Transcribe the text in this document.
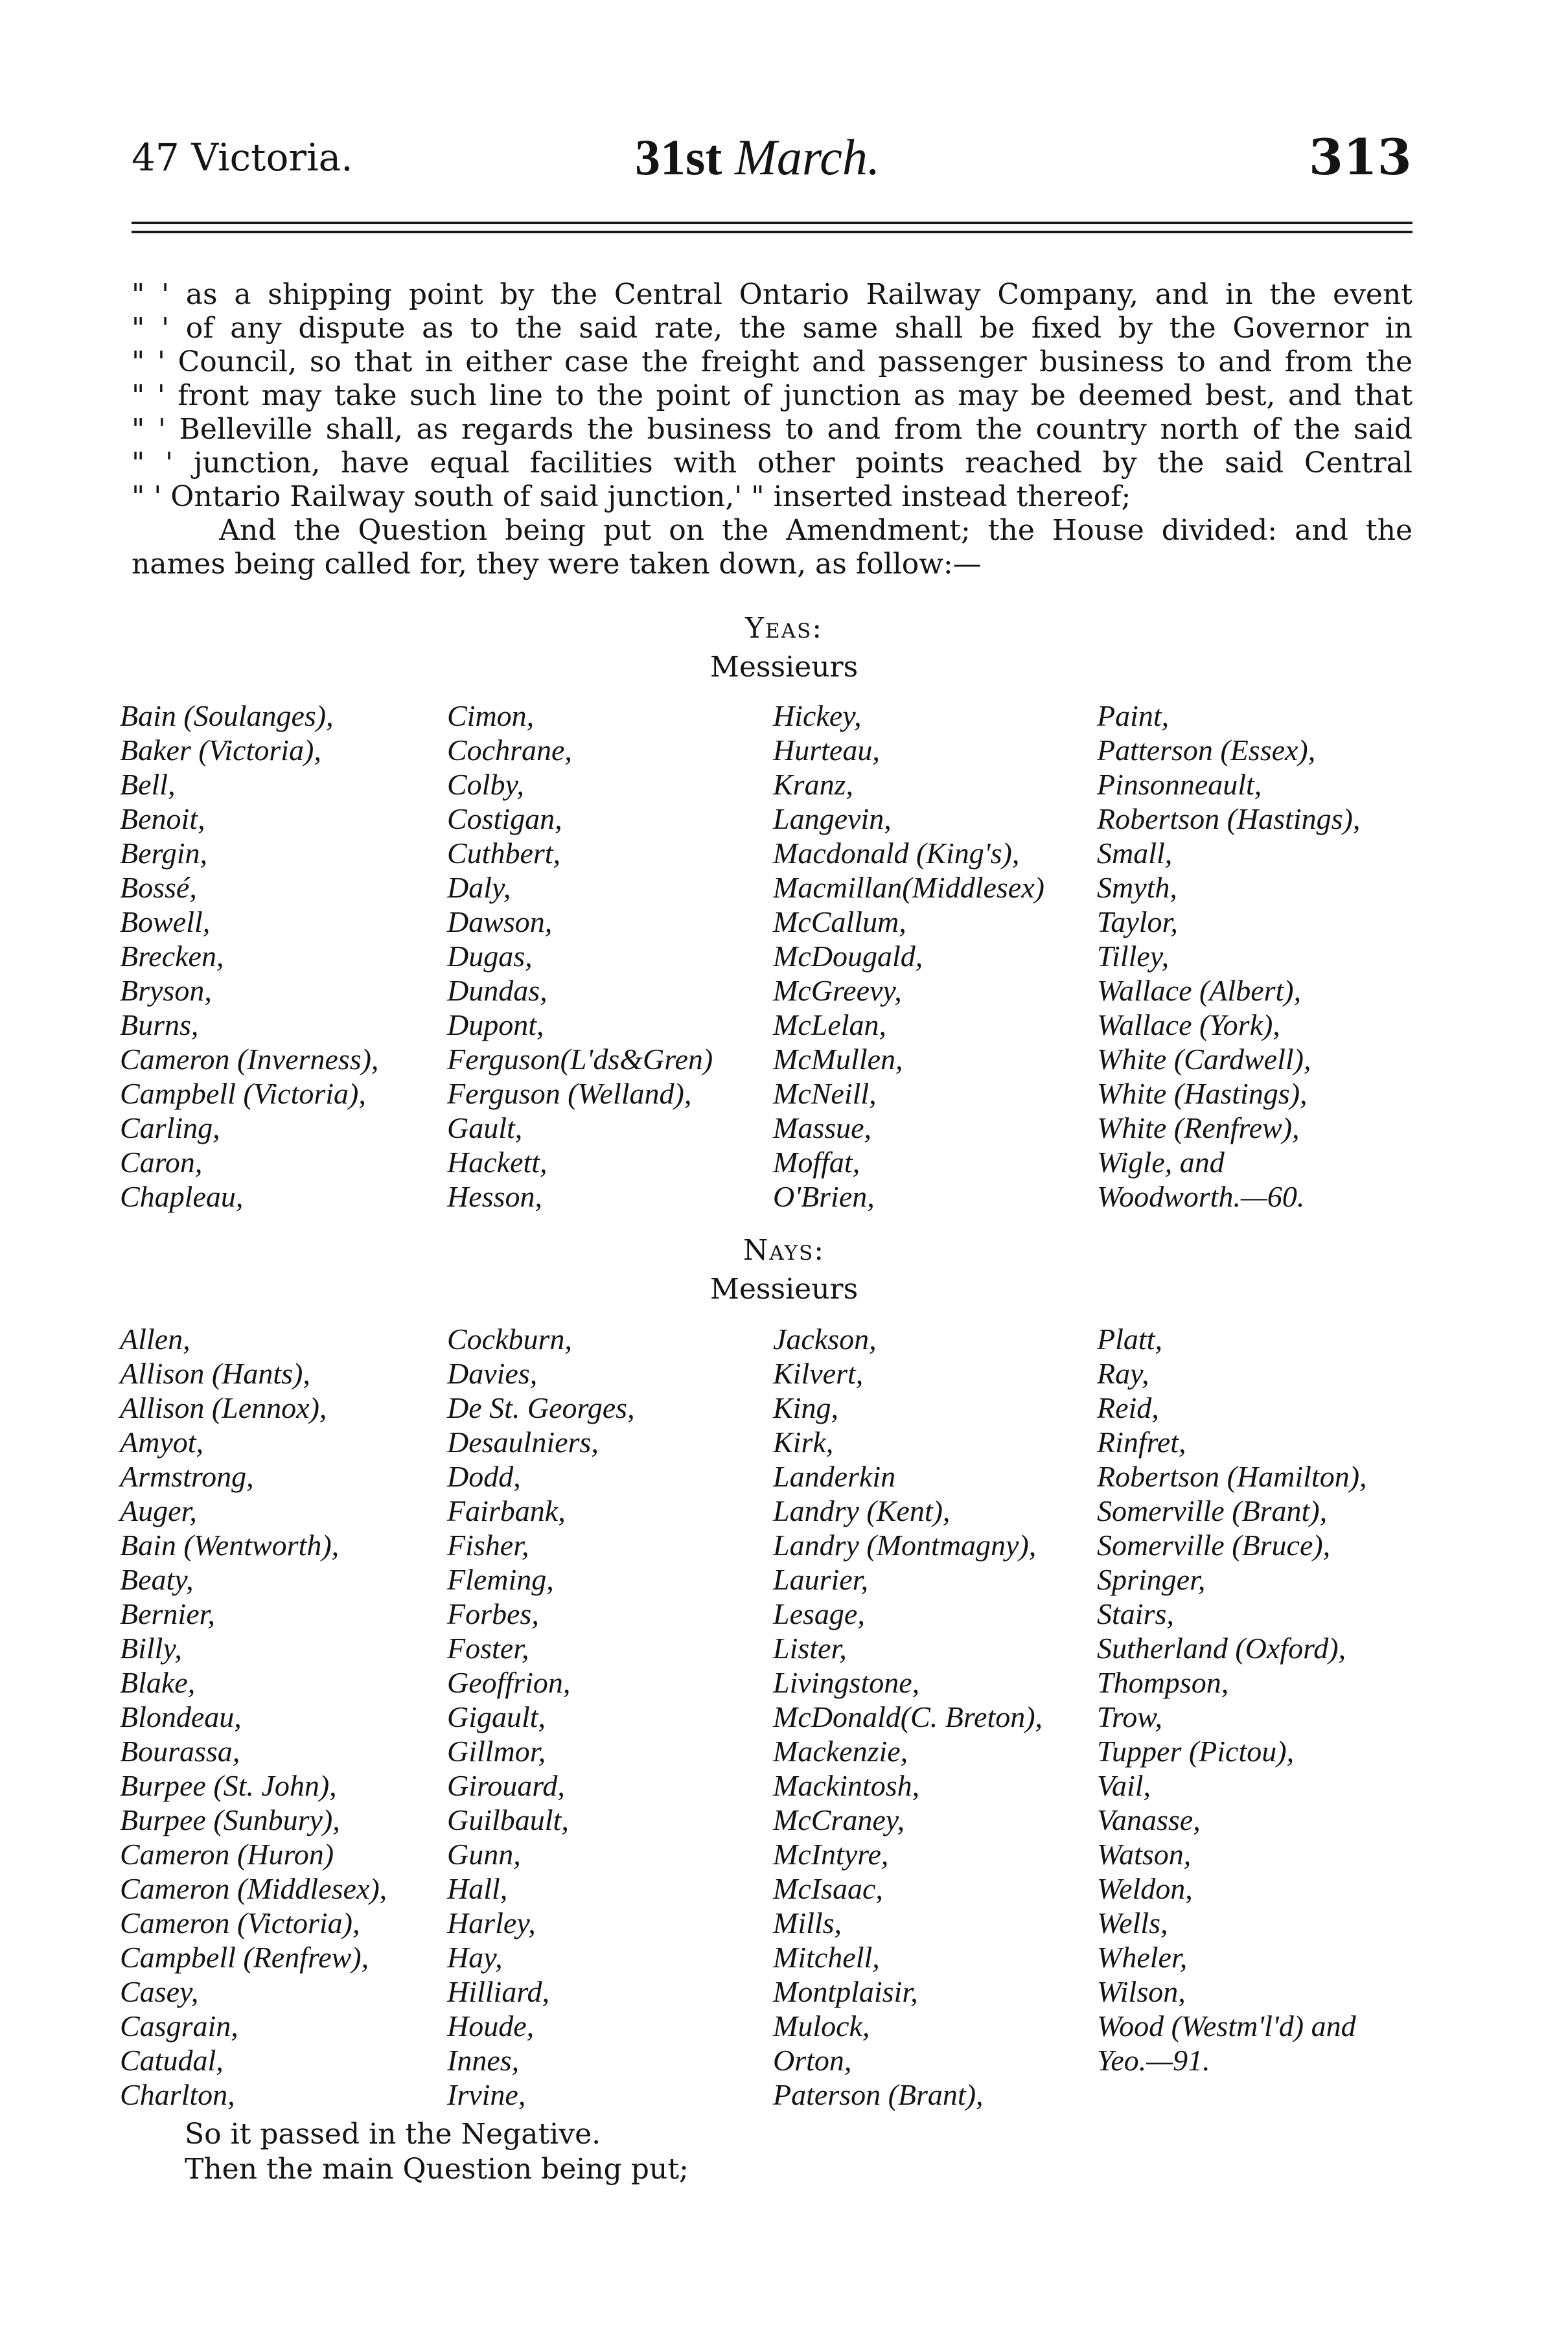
47 Victoria.	31st March.	313
" ' as a shipping point by the Central Ontario Railway Company, and in the event
" ' of any dispute as to the said rate, the same shall be fixed by the Governor in
" ' Council, so that in either case the freight and passenger business to and from the
" ' front may take such line to the point of junction as may be deemed best, and that
" ' Belleville shall, as regards the business to and from the country north of the said
" ' junction, have equal facilities with other points reached by the said Central
" ' Ontario Railway south of said junction,' " inserted instead thereof;
And the Question being put on the Amendment; the House divided: and the
names being called for, they were taken down, as follow:—
Yeas:
Messieurs
Bain (Soulanges),
Baker (Victoria),
Bell,
Benoit,
Bergin,
Bossé,
Bowell,
Brecken,
Bryson,
Burns,
Cameron (Inverness),
Campbell (Victoria),
Carling,
Caron,
Chapleau,
Cimon,
Cochrane,
Colby,
Costigan,
Cuthbert,
Daly,
Dawson,
Dugas,
Dundas,
Dupont,
Ferguson(L'ds&Gren)
Ferguson (Welland),
Gault,
Hackett,
Hesson,
Hickey,
Hurteau,
Kranz,
Langevin,
Macdonald (King's),
Macmillan(Middlesex)
McCallum,
McDougald,
McGreevy,
McLelan,
McMullen,
McNeill,
Massue,
Moffat,
O'Brien,
Paint,
Patterson (Essex),
Pinsonneault,
Robertson (Hastings),
Small,
Smyth,
Taylor,
Tilley,
Wallace (Albert),
Wallace (York),
White (Cardwell),
White (Hastings),
White (Renfrew),
Wigle, and
Woodworth.—60.
Nays:
Messieurs
Allen,
Allison (Hants),
Allison (Lennox),
Amyot,
Armstrong,
Auger,
Bain (Wentworth),
Beaty,
Bernier,
Billy,
Blake,
Blondeau,
Bourassa,
Burpee (St. John),
Burpee (Sunbury),
Cameron (Huron)
Cameron (Middlesex),
Cameron (Victoria),
Campbell (Renfrew),
Casey,
Casgrain,
Catudal,
Charlton,
Cockburn,
Davies,
De St. Georges,
Desaulniers,
Dodd,
Fairbank,
Fisher,
Fleming,
Forbes,
Foster,
Geoffrion,
Gigault,
Gillmor,
Girouard,
Guilbault,
Gunn,
Hall,
Harley,
Hay,
Hilliard,
Houde,
Innes,
Irvine,
Jackson,
Kilvert,
King,
Kirk,
Landerkin
Landry (Kent),
Landry (Montmagny),
Laurier,
Lesage,
Lister,
Livingstone,
McDonald(C. Breton),
Mackenzie,
Mackintosh,
McCraney,
McIntyre,
McIsaac,
Mills,
Mitchell,
Montplaisir,
Mulock,
Orton,
Paterson (Brant),
Platt,
Ray,
Reid,
Rinfret,
Robertson (Hamilton),
Somerville (Brant),
Somerville (Bruce),
Springer,
Stairs,
Sutherland (Oxford),
Thompson,
Trow,
Tupper (Pictou),
Vail,
Vanasse,
Watson,
Weldon,
Wells,
Wheler,
Wilson,
Wood (Westm'l'd) and
Yeo.—91.
So it passed in the Negative.
Then the main Question being put;
